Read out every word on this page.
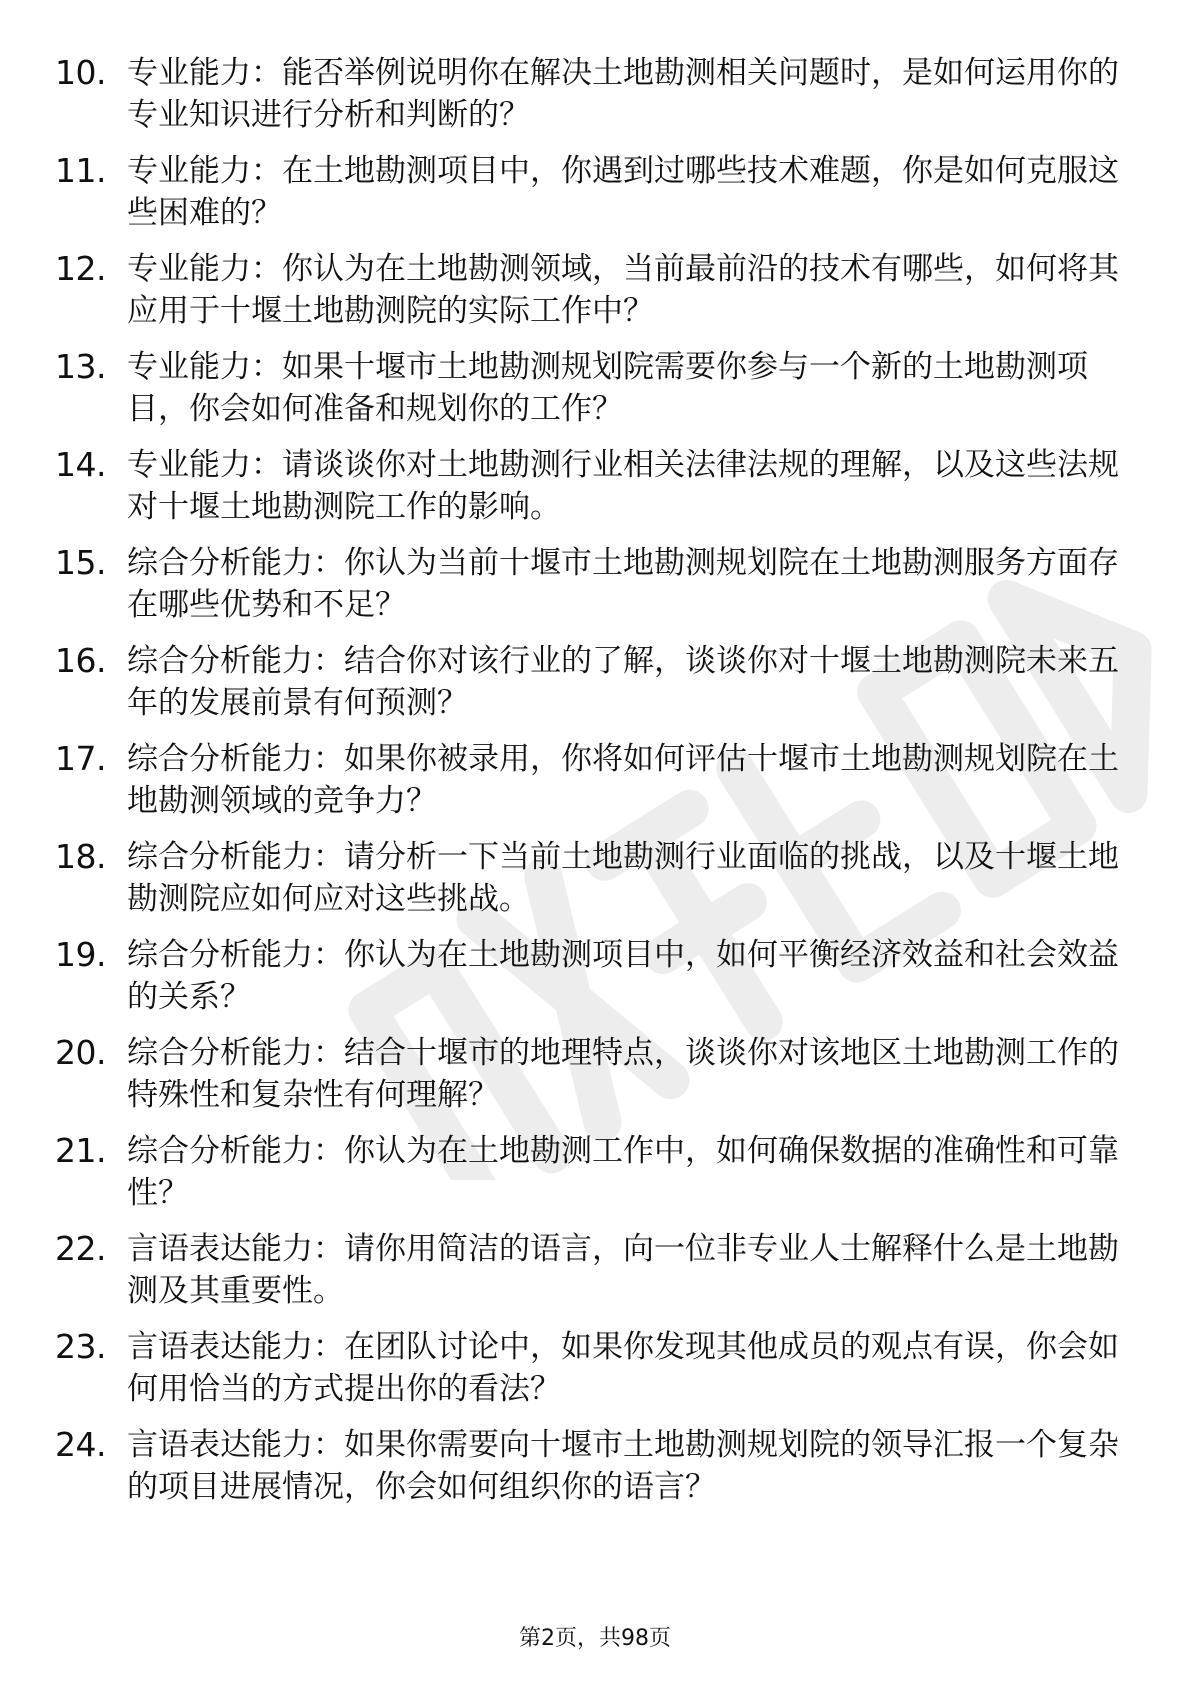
10. 专业能力：能否举例说明你在解决土地勘测相关问题时，是如何运用你的专业知识进行分析和判断的？
11. 专业能力：在土地勘测项目中，你遇到过哪些技术难题，你是如何克服这些困难的？
12. 专业能力：你认为在土地勘测领域，当前最前沿的技术有哪些，如何将其应用于十堰土地勘测院的实际工作中？
13. 专业能力：如果十堰市土地勘测规划院需要你参与一个新的土地勘测项目，你会如何准备和规划你的工作？
14. 专业能力：请谈谈你对土地勘测行业相关法律法规的理解，以及这些法规对十堰土地勘测院工作的影响。
15. 综合分析能力：你认为当前十堰市土地勘测规划院在土地勘测服务方面存在哪些优势和不足？
16. 综合分析能力：结合你对该行业的了解，谈谈你对十堰土地勘测院未来五年的发展前景有何预测？
17. 综合分析能力：如果你被录用，你将如何评估十堰市土地勘测规划院在土地勘测领域的竞争力？
18. 综合分析能力：请分析一下当前土地勘测行业面临的挑战，以及十堰土地勘测院应如何应对这些挑战。
19. 综合分析能力：你认为在土地勘测项目中，如何平衡经济效益和社会效益的关系？
20. 综合分析能力：结合十堰市的地理特点，谈谈你对该地区土地勘测工作的特殊性和复杂性有何理解？
21. 综合分析能力：你认为在土地勘测工作中，如何确保数据的准确性和可靠性？
22. 言语表达能力：请你用简洁的语言，向一位非专业人士解释什么是土地勘测及其重要性。
23. 言语表达能力：在团队讨论中，如果你发现其他成员的观点有误，你会如何用恰当的方式提出你的看法？
24. 言语表达能力：如果你需要向十堰市土地勘测规划院的领导汇报一个复杂的项目进展情况，你会如何组织你的语言？
第2页，共98页
